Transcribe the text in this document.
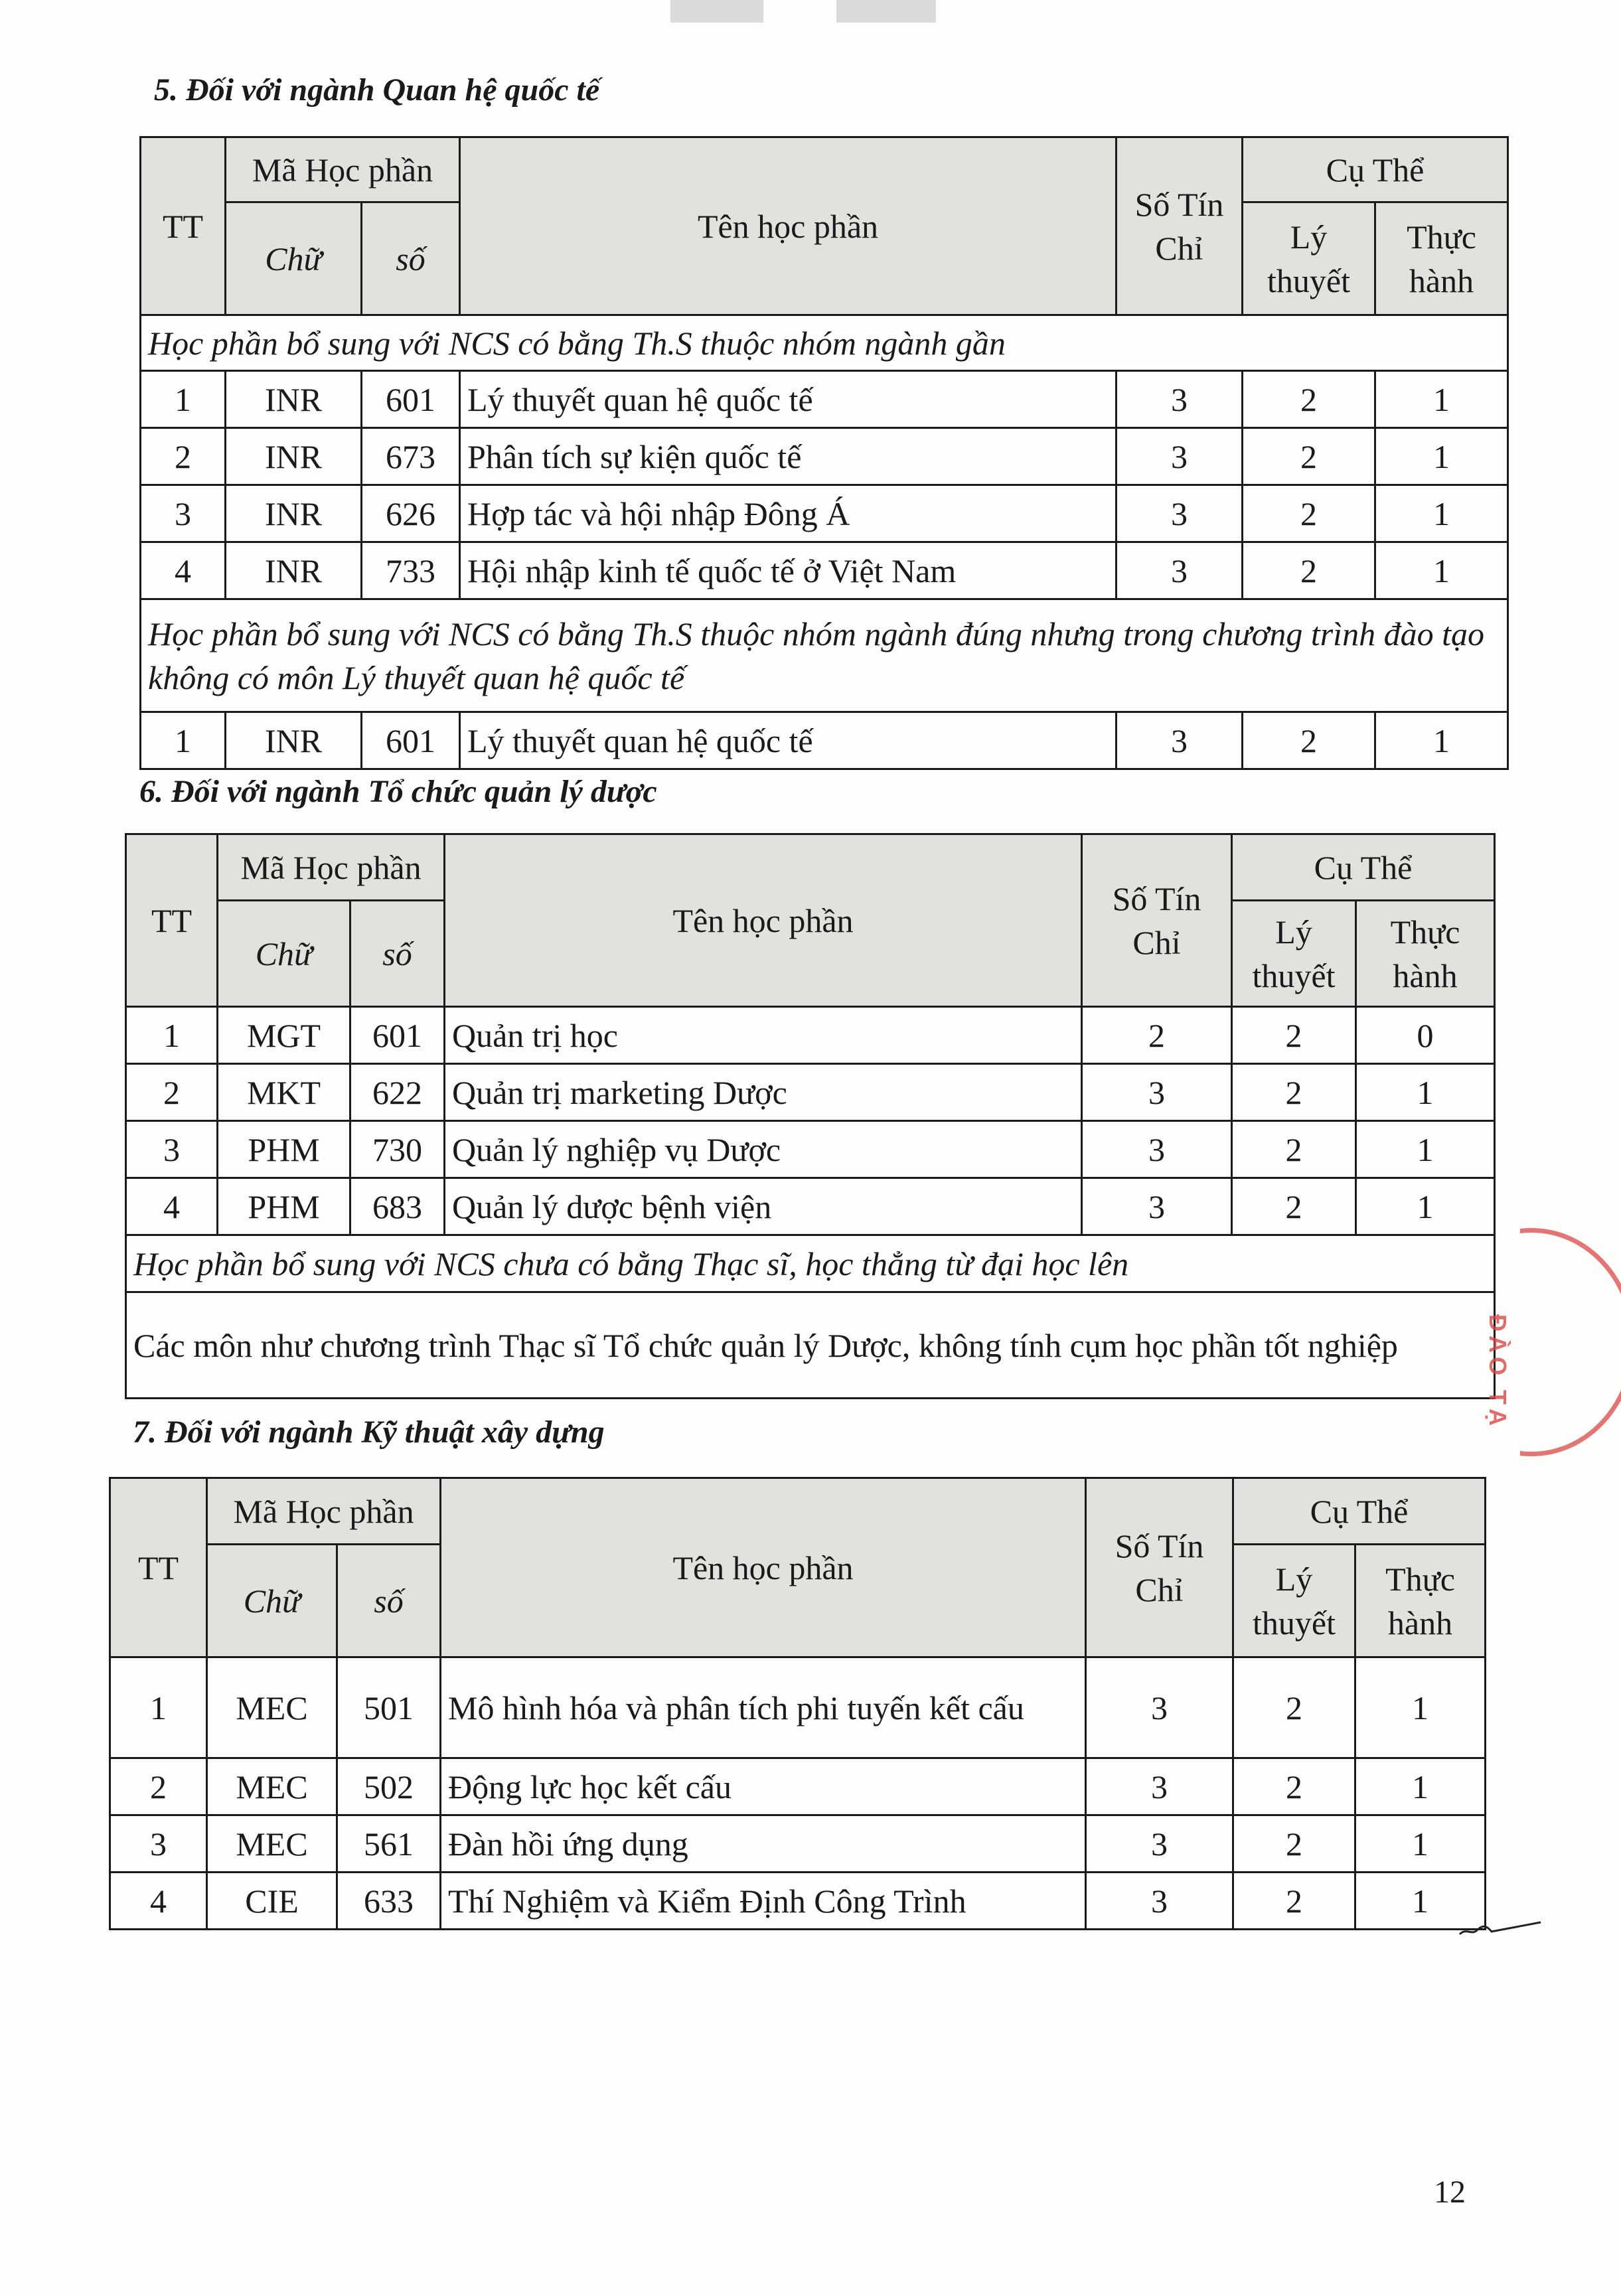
5. Đối với ngành Quan hệ quốc tế
TT	Mã Học phần		Tên học phần	Số Tín Chỉ	Cụ Thể	
	Chữ	số			Lý thuyết	Thực hành
Học phần bổ sung với NCS có bằng Th.S thuộc nhóm ngành gần						
1	INR	601	Lý thuyết quan hệ quốc tế	3	2	1
2	INR	673	Phân tích sự kiện quốc tế	3	2	1
3	INR	626	Hợp tác và hội nhập Đông Á	3	2	1
4	INR	733	Hội nhập kinh tế quốc tế ở Việt Nam	3	2	1
Học phần bổ sung với NCS có bằng Th.S thuộc nhóm ngành đúng nhưng trong chương trình đào tạo không có môn Lý thuyết quan hệ quốc tế						
1	INR	601	Lý thuyết quan hệ quốc tế	3	2	1
6. Đối với ngành Tổ chức quản lý dược
TT	Mã Học phần		Tên học phần	Số Tín Chỉ	Cụ Thể	
	Chữ	số			Lý thuyết	Thực hành
1	MGT	601	Quản trị học	2	2	0
2	MKT	622	Quản trị marketing Dược	3	2	1
3	PHM	730	Quản lý nghiệp vụ Dược	3	2	1
4	PHM	683	Quản lý dược bệnh viện	3	2	1
Học phần bổ sung với NCS chưa có bằng Thạc sĩ, học thẳng từ đại học lên						
Các môn như chương trình Thạc sĩ Tổ chức quản lý Dược, không tính cụm học phần tốt nghiệp						
7. Đối với ngành Kỹ thuật xây dựng
TT	Mã Học phần		Tên học phần	Số Tín Chỉ	Cụ Thể	
	Chữ	số			Lý thuyết	Thực hành
1	MEC	501	Mô hình hóa và phân tích phi tuyến kết cấu	3	2	1
2	MEC	502	Động lực học kết cấu	3	2	1
3	MEC	561	Đàn hồi ứng dụng	3	2	1
4	CIE	633	Thí Nghiệm và Kiểm Định Công Trình	3	2	1
ĐÀO TẠ
12
